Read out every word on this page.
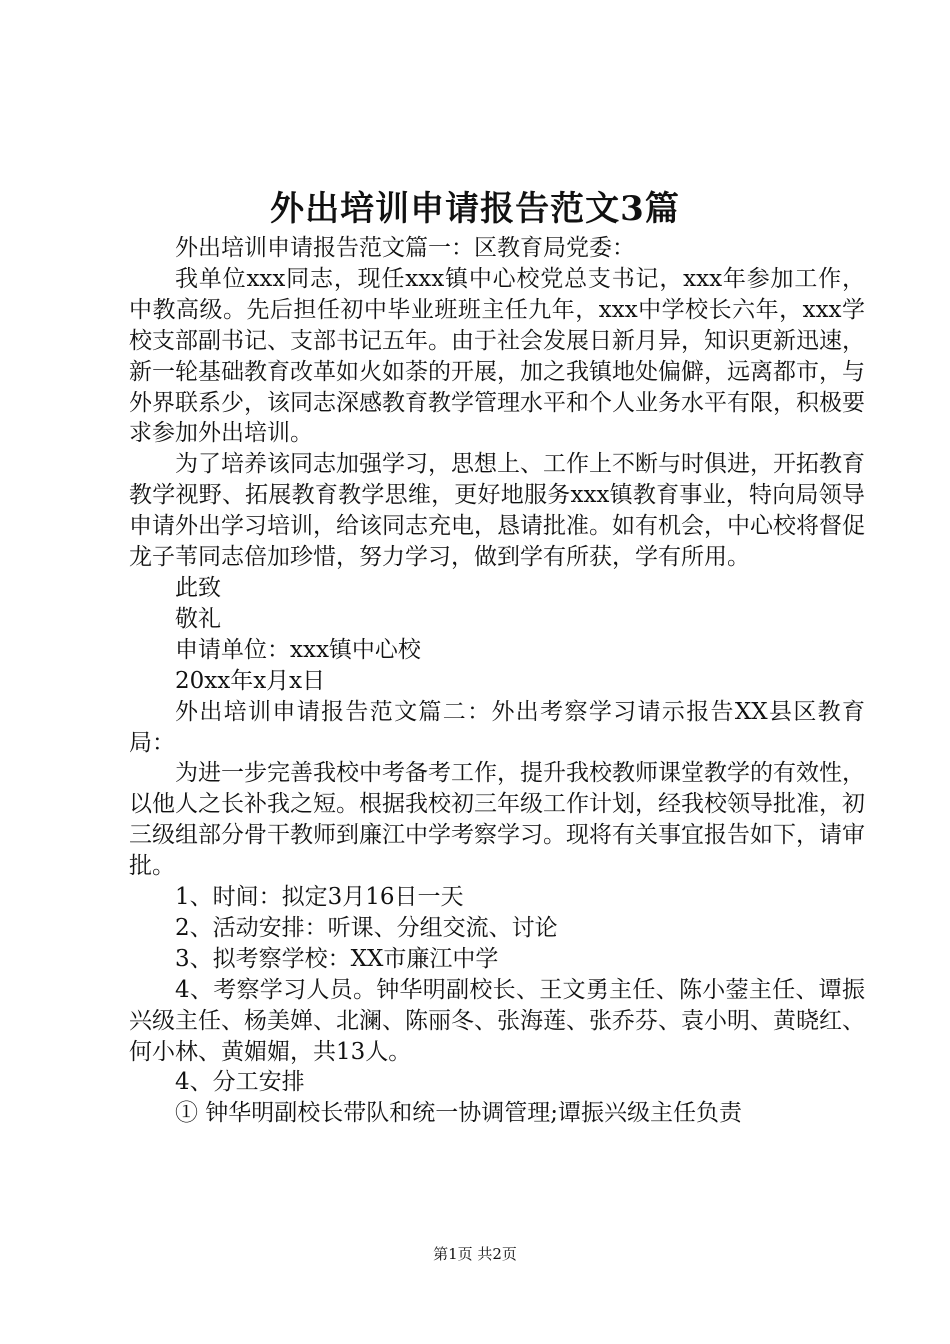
外出培训申请报告范文3篇

外出培训申请报告范文篇一：区教育局党委：

我单位xxx同志，现任xxx镇中心校党总支书记，xxx年参加工作，中教高级。先后担任初中毕业班班主任九年，xxx中学校长六年，xxx学校支部副书记、支部书记五年。由于社会发展日新月异，知识更新迅速，新一轮基础教育改革如火如荼的开展，加之我镇地处偏僻，远离都市，与外界联系少，该同志深感教育教学管理水平和个人业务水平有限，积极要求参加外出培训。

为了培养该同志加强学习，思想上、工作上不断与时俱进，开拓教育教学视野、拓展教育教学思维，更好地服务xxx镇教育事业，特向局领导申请外出学习培训，给该同志充电，恳请批准。如有机会，中心校将督促龙子苇同志倍加珍惜，努力学习，做到学有所获，学有所用。

此致

敬礼

申请单位：xxx镇中心校

20xx年x月x日

外出培训申请报告范文篇二：外出考察学习请示报告XX县区教育局：

为进一步完善我校中考备考工作，提升我校教师课堂教学的有效性，以他人之长补我之短。根据我校初三年级工作计划，经我校领导批准，初三级组部分骨干教师到廉江中学考察学习。现将有关事宜报告如下，请审批。

1、时间：拟定3月16日一天

2、活动安排：听课、分组交流、讨论

3、拟考察学校：XX市廉江中学

4、考察学习人员。钟华明副校长、王文勇主任、陈小蓥主任、谭振兴级主任、杨美婵、北澜、陈丽冬、张海莲、张乔芬、袁小明、黄晓红、何小林、黄媚媚，共13人。

4、分工安排

① 钟华明副校长带队和统一协调管理;谭振兴级主任负责

第1页 共2页
